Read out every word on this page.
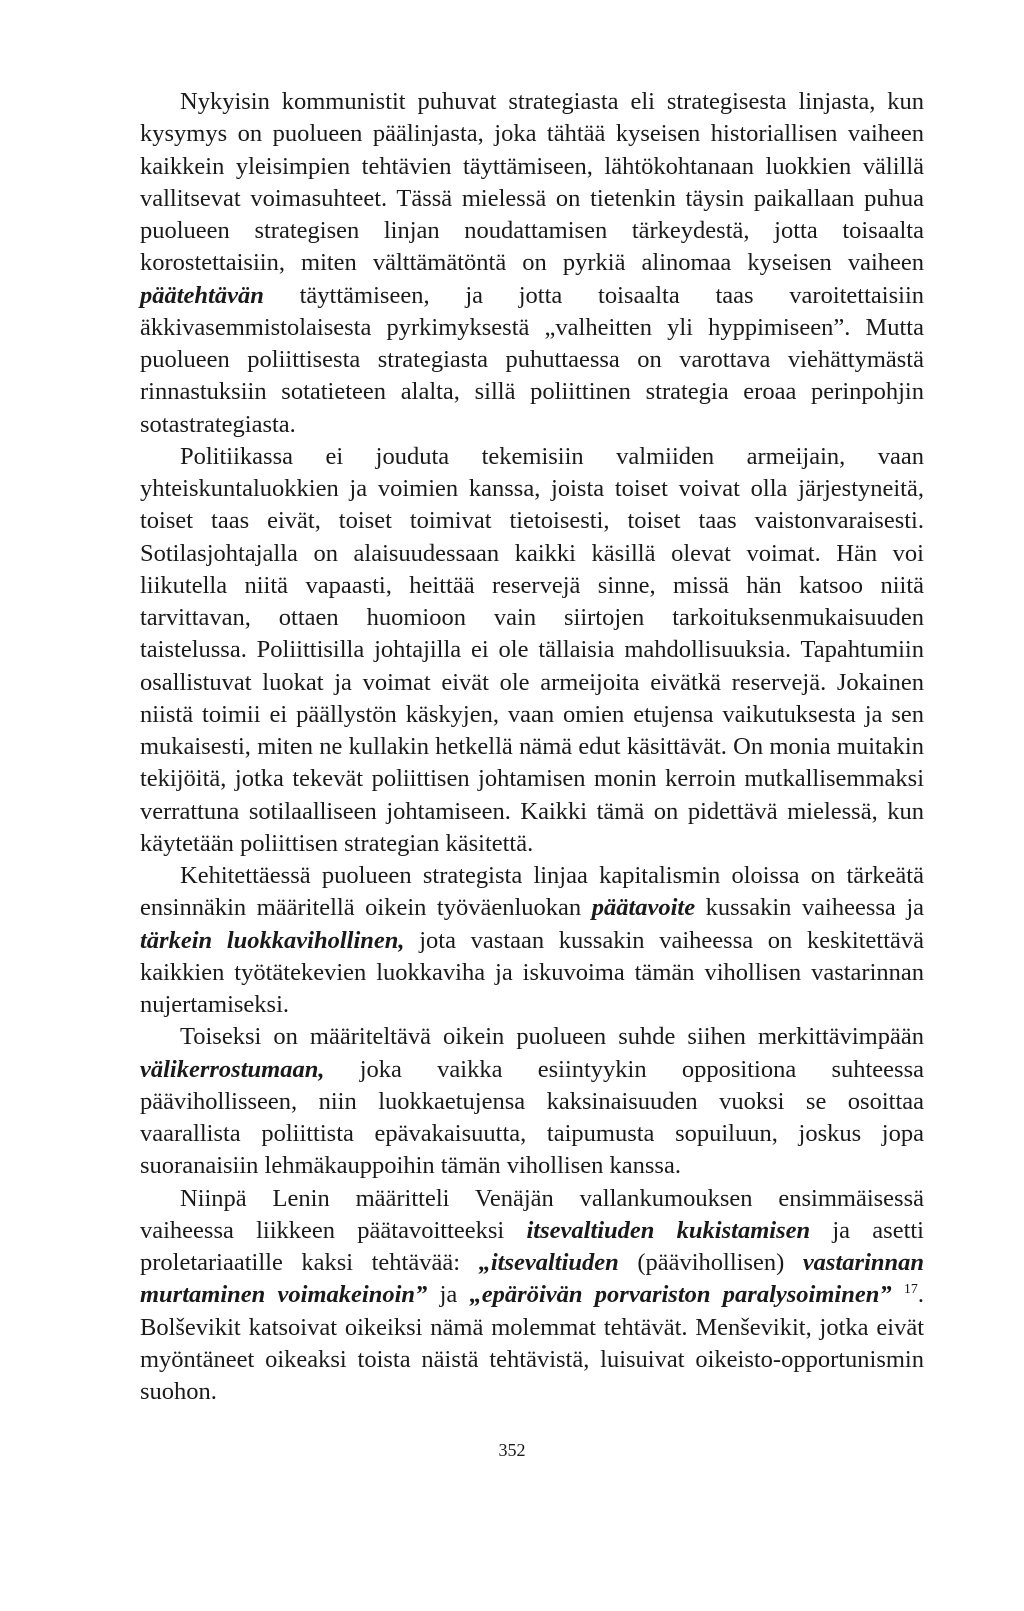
Nykyisin kommunistit puhuvat strategiasta eli strategisesta linjasta, kun kysymys on puolueen päälinjasta, joka tähtää kyseisen historiallisen vaiheen kaikkein yleisimpien tehtävien täyttämiseen, lähtökohtanaan luokkien välillä vallitsevat voimasuhteet. Tässä mielessä on tietenkin täysin paikallaan puhua puolueen strategisen linjan noudattamisen tärkeydestä, jotta toisaalta korostettaisiin, miten välttämätöntä on pyrkiä alinomaa kyseisen vaiheen päätehtävän täyttämiseen, ja jotta toisaalta taas varoitettaisiin äkkivasemmistolaisesta pyrkimyksestä „valheitten yli hyppimiseen”. Mutta puolueen poliittisesta strategiasta puhuttaessa on varottava viehättymästä rinnastuksiin sotatieteen alalta, sillä poliittinen strategia eroaa perinpohjin sotastrategiasta.

Politiikassa ei jouduta tekemisiin valmiiden armeijain, vaan yhteiskuntaluokkien ja voimien kanssa, joista toiset voivat olla järjestyneitä, toiset taas eivät, toiset toimivat tietoisesti, toiset taas vaistonvaraisesti. Sotilasjohtajalla on alaisuudessaan kaikki käsillä olevat voimat. Hän voi liikutella niitä vapaasti, heittää reservejä sinne, missä hän katsoo niitä tarvittavan, ottaen huomioon vain siirtojen tarkoituksenmukaisuuden taistelussa. Poliittisilla johtajilla ei ole tällaisia mahdollisuuksia. Tapahtumiin osallistuvat luokat ja voimat eivät ole armeijoita eivätkä reservejä. Jokainen niistä toimii ei päällystön käskyjen, vaan omien etujensa vaikutuksesta ja sen mukaisesti, miten ne kullakin hetkellä nämä edut käsittävät. On monia muitakin tekijöitä, jotka tekevät poliittisen johtamisen monin kerroin mutkallisemmaksi verrattuna sotilaalliseen johtamiseen. Kaikki tämä on pidettävä mielessä, kun käytetään poliittisen strategian käsitettä.

Kehitettäessä puolueen strategista linjaa kapitalismin oloissa on tärkeätä ensinnäkin määritellä oikein työväenluokan päätavoite kussakin vaiheessa ja tärkein luokkavihollinen, jota vastaan kussakin vaiheessa on keskitettävä kaikkien työtätekevien luokkaviha ja iskuvoima tämän vihollisen vastarinnan nujertamiseksi.

Toiseksi on määriteltävä oikein puolueen suhde siihen merkittävimpään välikerrostumaan, joka vaikka esiintyykin oppositiona suhteessa päävihollisseen, niin luokkaetujensa kaksinaisuuden vuoksi se osoittaa vaarallista poliittista epävakaisuutta, taipumusta sopuiluun, joskus jopa suoranaisiin lehmäkauppoihin tämän vihollisen kanssa.

Niinpä Lenin määritteli Venäjän vallankumouksen ensimmäisessä vaiheessa liikkeen päätavoitteeksi itsevaltiuden kukistamisen ja asetti proletariaatille kaksi tehtävää: „itsevaltiuden (päävihollisen) vastarinnan murtaminen voimakeinoin” ja „epäröivän porvariston paralysoiminen” $^{17}$. Bolševikit katsoivat oikeiksi nämä molemmat tehtävät. Menševikit, jotka eivät myöntäneet oikeaksi toista näistä tehtävistä, luisuivat oikeisto-opportunismin suohon.

352
